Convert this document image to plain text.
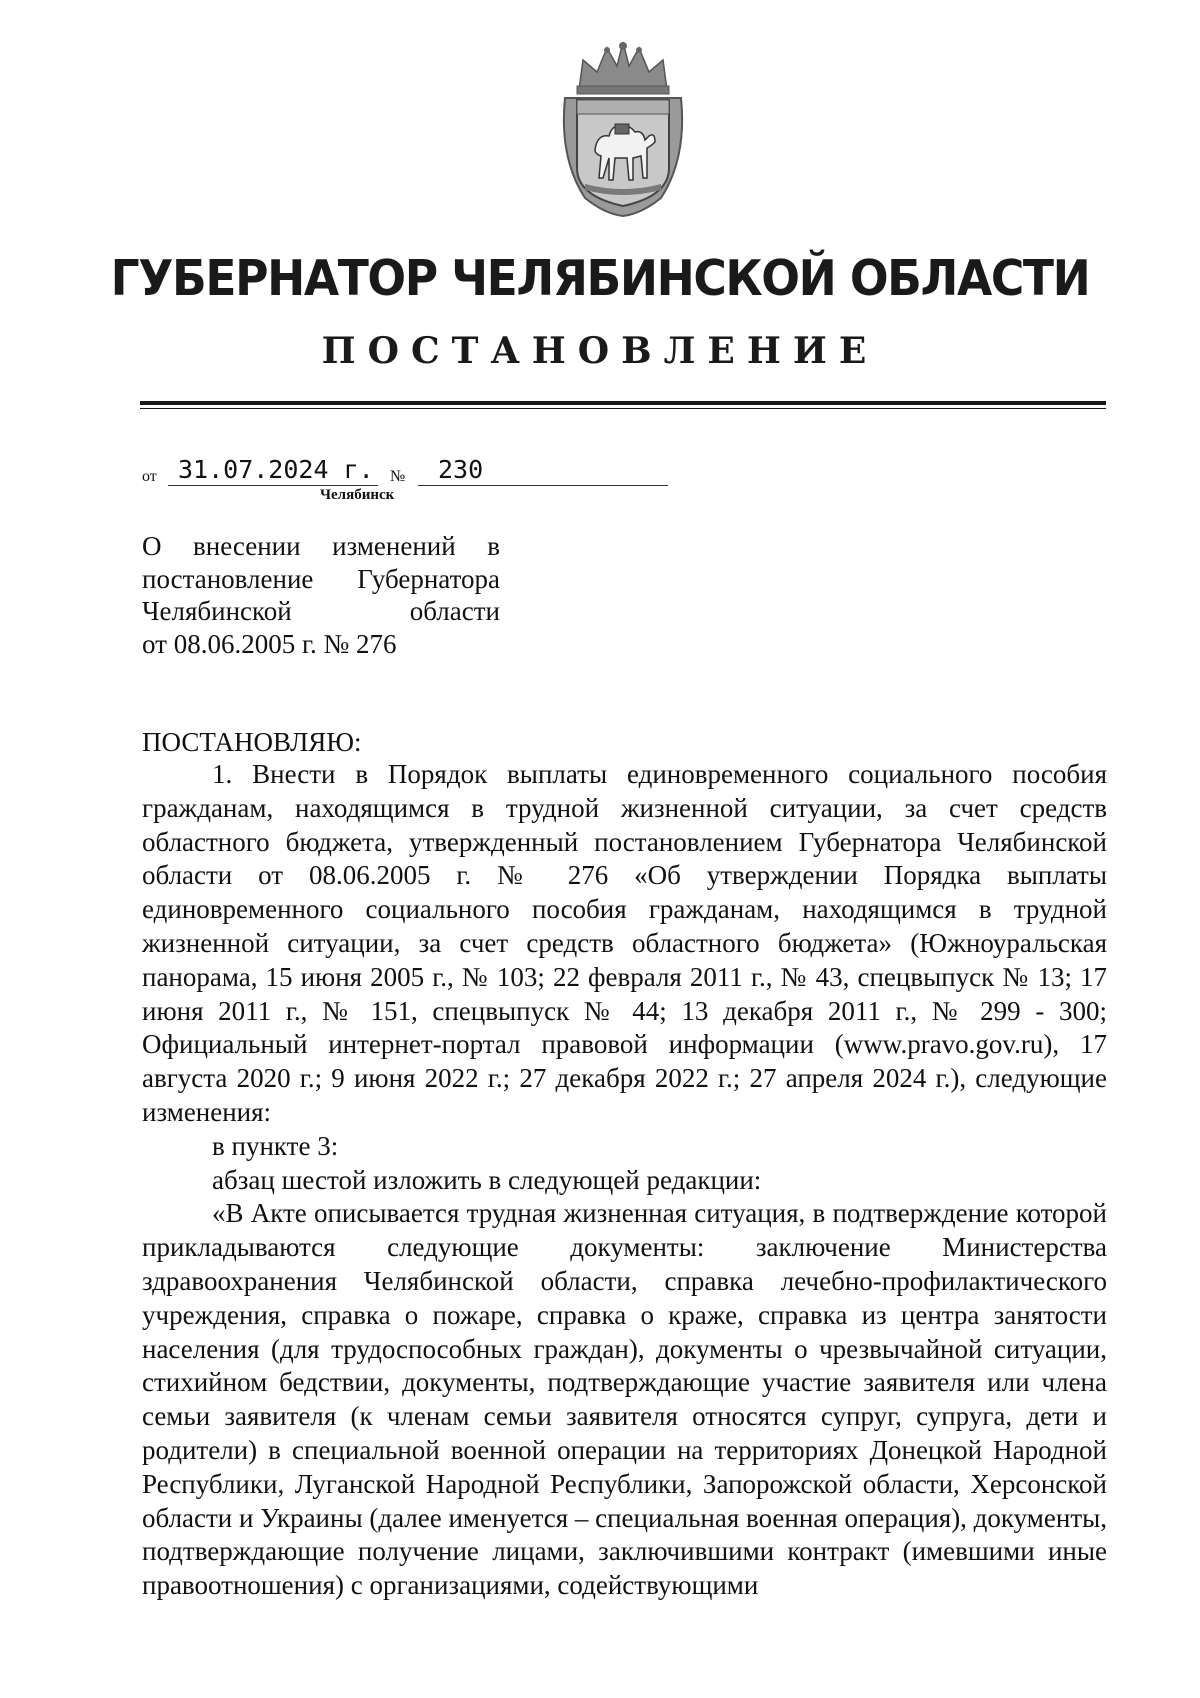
ГУБЕРНАТОР ЧЕЛЯБИНСКОЙ ОБЛАСТИ
ПОСТАНОВЛЕНИЕ
от 31.07.2024 г. №	230
Челябинск
О внесении изменений в
постановление Губернатора
Челябинской области
от 08.06.2005 г. № 276
ПОСТАНОВЛЯЮ:

1. Внести в Порядок выплаты единовременного социального пособия гражданам, находящимся в трудной жизненной ситуации, за счет средств областного бюджета, утвержденный постановлением Губернатора Челябинской области от 08.06.2005 г. № 276 «Об утверждении Порядка выплаты единовременного социального пособия гражданам, находящимся в трудной жизненной ситуации, за счет средств областного бюджета» (Южноуральская панорама, 15 июня 2005 г., № 103; 22 февраля 2011 г., № 43, спецвыпуск № 13; 17 июня 2011 г., № 151, спецвыпуск № 44; 13 декабря 2011 г., № 299 - 300; Официальный интернет-портал правовой информации (www.pravo.gov.ru), 17 августа 2020 г.; 9 июня 2022 г.; 27 декабря 2022 г.; 27 апреля 2024 г.), следующие изменения:

в пункте 3:

абзац шестой изложить в следующей редакции:

«В Акте описывается трудная жизненная ситуация, в подтверждение которой прикладываются следующие документы: заключение Министерства здравоохранения Челябинской области, справка лечебно-профилактического учреждения, справка о пожаре, справка о краже, справка из центра занятости населения (для трудоспособных граждан), документы о чрезвычайной ситуации, стихийном бедствии, документы, подтверждающие участие заявителя или члена семьи заявителя (к членам семьи заявителя относятся супруг, супруга, дети и родители) в специальной военной операции на территориях Донецкой Народной Республики, Луганской Народной Республики, Запорожской области, Херсонской области и Украины (далее именуется – специальная военная операция), документы, подтверждающие получение лицами, заключившими контракт (имевшими иные правоотношения) с организациями, содействующими
